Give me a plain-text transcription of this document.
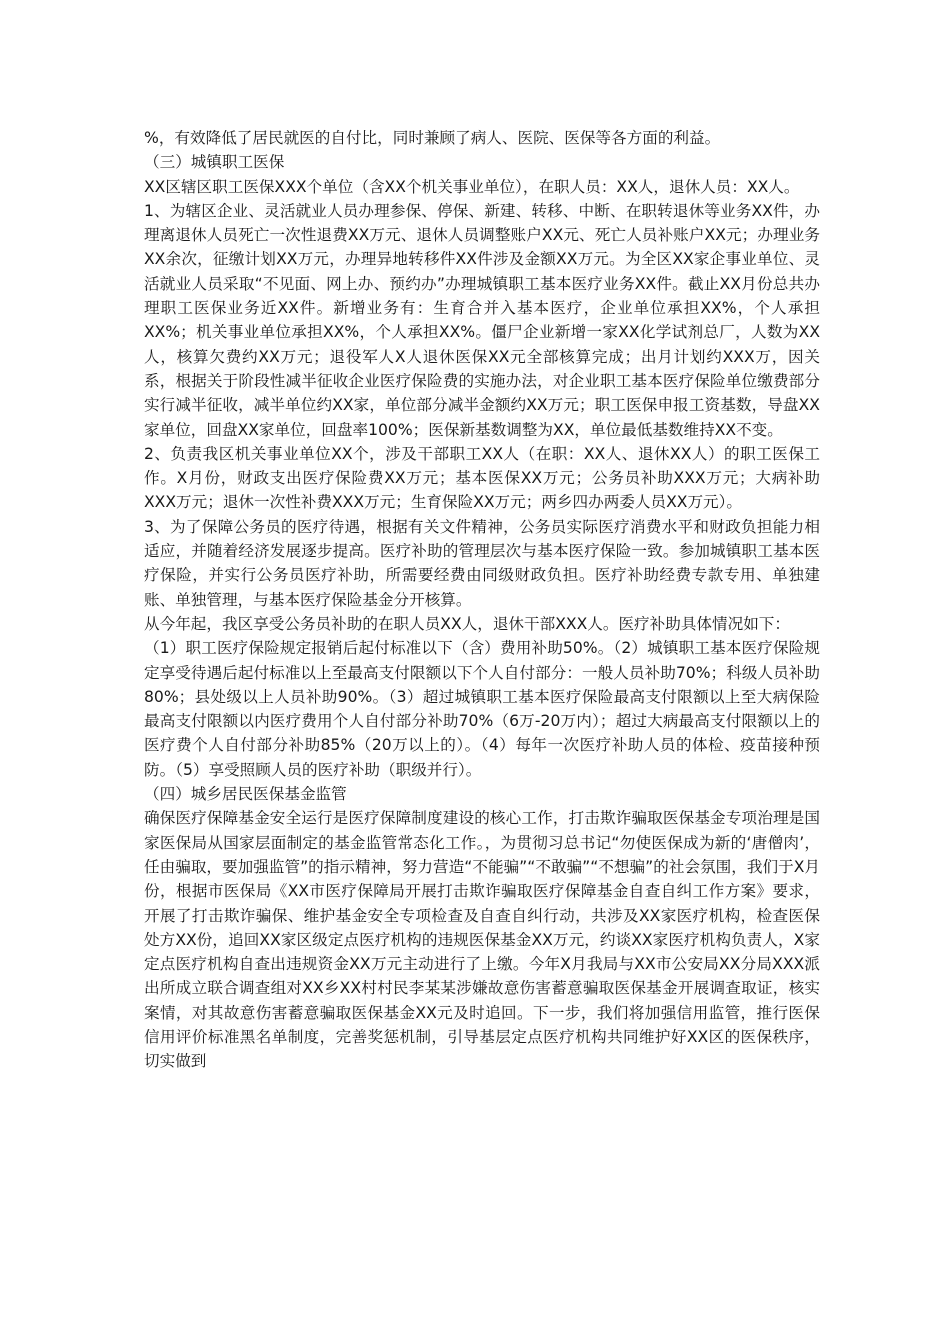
%，有效降低了居民就医的自付比，同时兼顾了病人、医院、医保等各方面的利益。

（三）城镇职工医保

XX区辖区职工医保XXX个单位（含XX个机关事业单位），在职人员：XX人，退休人员：XX人。

1、为辖区企业、灵活就业人员办理参保、停保、新建、转移、中断、在职转退休等业务XX件，办理离退休人员死亡一次性退费XX万元、退休人员调整账户XX元、死亡人员补账户XX元；办理业务XX余次，征缴计划XX万元，办理异地转移件XX件涉及金额XX万元。为全区XX家企事业单位、灵活就业人员采取“不见面、网上办、预约办”办理城镇职工基本医疗业务XX件。截止XX月份总共办理职工医保业务近XX件。新增业务有：生育合并入基本医疗，企业单位承担XX%，个人承担XX%；机关事业单位承担XX%，个人承担XX%。僵尸企业新增一家XX化学试剂总厂，人数为XX人，核算欠费约XX万元；退役军人X人退休医保XX元全部核算完成；出月计划约XXX万，因关系，根据关于阶段性减半征收企业医疗保险费的实施办法，对企业职工基本医疗保险单位缴费部分实行减半征收，减半单位约XX家，单位部分减半金额约XX万元；职工医保申报工资基数，导盘XX家单位，回盘XX家单位，回盘率100%；医保新基数调整为XX，单位最低基数维持XX不变。

2、负责我区机关事业单位XX个，涉及干部职工XX人（在职：XX人、退休XX人）的职工医保工作。X月份，财政支出医疗保险费XX万元；基本医保XX万元；公务员补助XXX万元；大病补助XXX万元；退休一次性补费XXX万元；生育保险XX万元；两乡四办两委人员XX万元）。

3、为了保障公务员的医疗待遇，根据有关文件精神，公务员实际医疗消费水平和财政负担能力相适应，并随着经济发展逐步提高。医疗补助的管理层次与基本医疗保险一致。参加城镇职工基本医疗保险，并实行公务员医疗补助，所需要经费由同级财政负担。医疗补助经费专款专用、单独建账、单独管理，与基本医疗保险基金分开核算。

从今年起，我区享受公务员补助的在职人员XX人，退休干部XXX人。医疗补助具体情况如下：

（1）职工医疗保险规定报销后起付标准以下（含）费用补助50%。（2）城镇职工基本医疗保险规定享受待遇后起付标准以上至最高支付限额以下个人自付部分：一般人员补助70%；科级人员补助80%；县处级以上人员补助90%。（3）超过城镇职工基本医疗保险最高支付限额以上至大病保险最高支付限额以内医疗费用个人自付部分补助70%（6万-20万内）；超过大病最高支付限额以上的医疗费个人自付部分补助85%（20万以上的）。（4）每年一次医疗补助人员的体检、疫苗接种预防。（5）享受照顾人员的医疗补助（职级并行）。

（四）城乡居民医保基金监管

确保医疗保障基金安全运行是医疗保障制度建设的核心工作，打击欺诈骗取医保基金专项治理是国家医保局从国家层面制定的基金监管常态化工作。，为贯彻习总书记“勿使医保成为新的‘唐僧肉’，任由骗取，要加强监管”的指示精神，努力营造“不能骗”“不敢骗”“不想骗”的社会氛围，我们于X月份，根据市医保局《XX市医疗保障局开展打击欺诈骗取医疗保障基金自查自纠工作方案》要求，开展了打击欺诈骗保、维护基金安全专项检查及自查自纠行动，共涉及XX家医疗机构，检查医保处方XX份，追回XX家区级定点医疗机构的违规医保基金XX万元，约谈XX家医疗机构负责人，X家定点医疗机构自查出违规资金XX万元主动进行了上缴。今年X月我局与XX市公安局XX分局XXX派出所成立联合调查组对XX乡XX村村民李某某涉嫌故意伤害蓄意骗取医保基金开展调查取证，核实案情，对其故意伤害蓄意骗取医保基金XX元及时追回。下一步，我们将加强信用监管，推行医保信用评价标准黑名单制度，完善奖惩机制，引导基层定点医疗机构共同维护好XX区的医保秩序，切实做到
